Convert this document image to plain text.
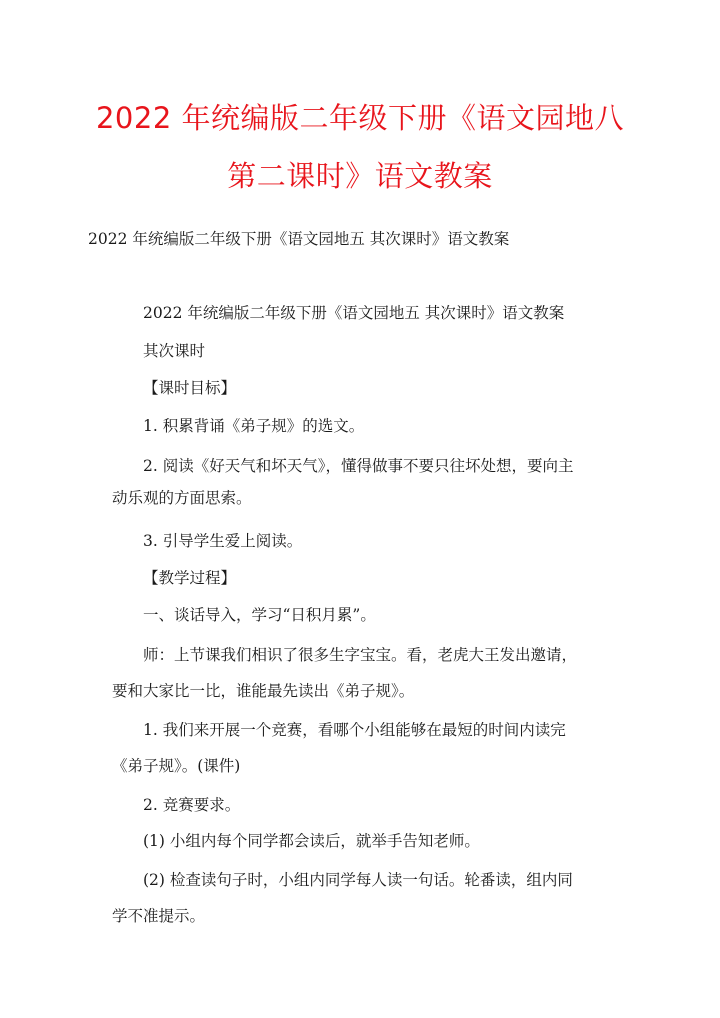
2022 年统编版二年级下册《语文园地八
第二课时》语文教案
2022 年统编版二年级下册《语文园地五 其次课时》语文教案
2022 年统编版二年级下册《语文园地五 其次课时》语文教案
其次课时
【课时目标】
1. 积累背诵《弟子规》的选文。
2. 阅读《好天气和坏天气》，懂得做事不要只往坏处想，要向主
动乐观的方面思索。
3. 引导学生爱上阅读。
【教学过程】
一、谈话导入，学习“日积月累”。
师：上节课我们相识了很多生字宝宝。看，老虎大王发出邀请，
要和大家比一比，谁能最先读出《弟子规》。
1. 我们来开展一个竞赛，看哪个小组能够在最短的时间内读完
《弟子规》。(课件)
2. 竞赛要求。
(1) 小组内每个同学都会读后，就举手告知老师。
(2) 检查读句子时，小组内同学每人读一句话。轮番读，组内同
学不准提示。
